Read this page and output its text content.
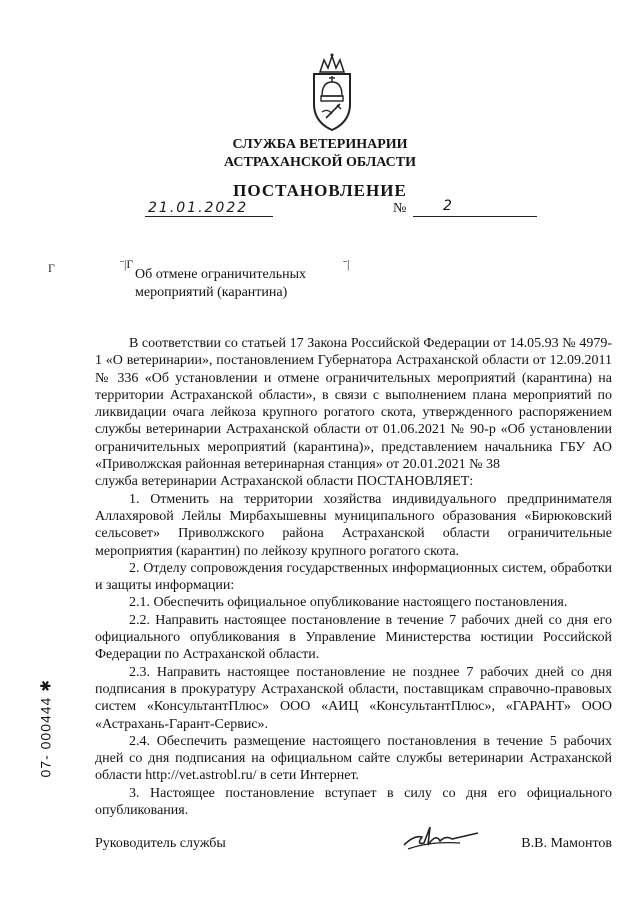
СЛУЖБА ВЕТЕРИНАРИИ
АСТРАХАНСКОЙ ОБЛАСТИ
ПОСТАНОВЛЕНИЕ
21.01.2022	№	2
Г	ˉ|Г	ˉ|
Об отмене ограничительных
мероприятий (карантина)

В соответствии со статьей 17 Закона Российской Федерации от 14.05.93 № 4979-1 «О ветеринарии», постановлением Губернатора Астраханской области от 12.09.2011 № 336 «Об установлении и отмене ограничительных мероприятий (карантина) на территории Астраханской области», в связи с выполнением плана мероприятий по ликвидации очага лейкоза крупного рогатого скота, утвержденного распоряжением службы ветеринарии Астраханской области от 01.06.2021 № 90-р «Об установлении ограничительных мероприятий (карантина)», представлением начальника ГБУ АО «Приволжская районная ветеринарная станция» от 20.01.2021 № 38

служба ветеринарии Астраханской области ПОСТАНОВЛЯЕТ:

1. Отменить на территории хозяйства индивидуального предпринимателя Аллахяровой Лейлы Мирбахышевны муниципального образования «Бирюковский сельсовет» Приволжского района Астраханской области ограничительные мероприятия (карантин) по лейкозу крупного рогатого скота.

2. Отделу сопровождения государственных информационных систем, обработки и защиты информации:

2.1. Обеспечить официальное опубликование настоящего постановления.

2.2. Направить настоящее постановление в течение 7 рабочих дней со дня его официального опубликования в Управление Министерства юстиции Российской Федерации по Астраханской области.

2.3. Направить настоящее постановление не позднее 7 рабочих дней со дня подписания в прокуратуру Астраханской области, поставщикам справочно-правовых систем «КонсультантПлюс» ООО «АИЦ «КонсультантПлюс», «ГАРАНТ» ООО «Астрахань-Гарант-Сервис».

2.4. Обеспечить размещение настоящего постановления в течение 5 рабочих дней со дня подписания на официальном сайте службы ветеринарии Астраханской области http://vet.astrobl.ru/ в сети Интернет.

3. Настоящее постановление вступает в силу со дня его официального опубликования.

Руководитель службы	В.В. Мамонтов
07- 000444 ✱
